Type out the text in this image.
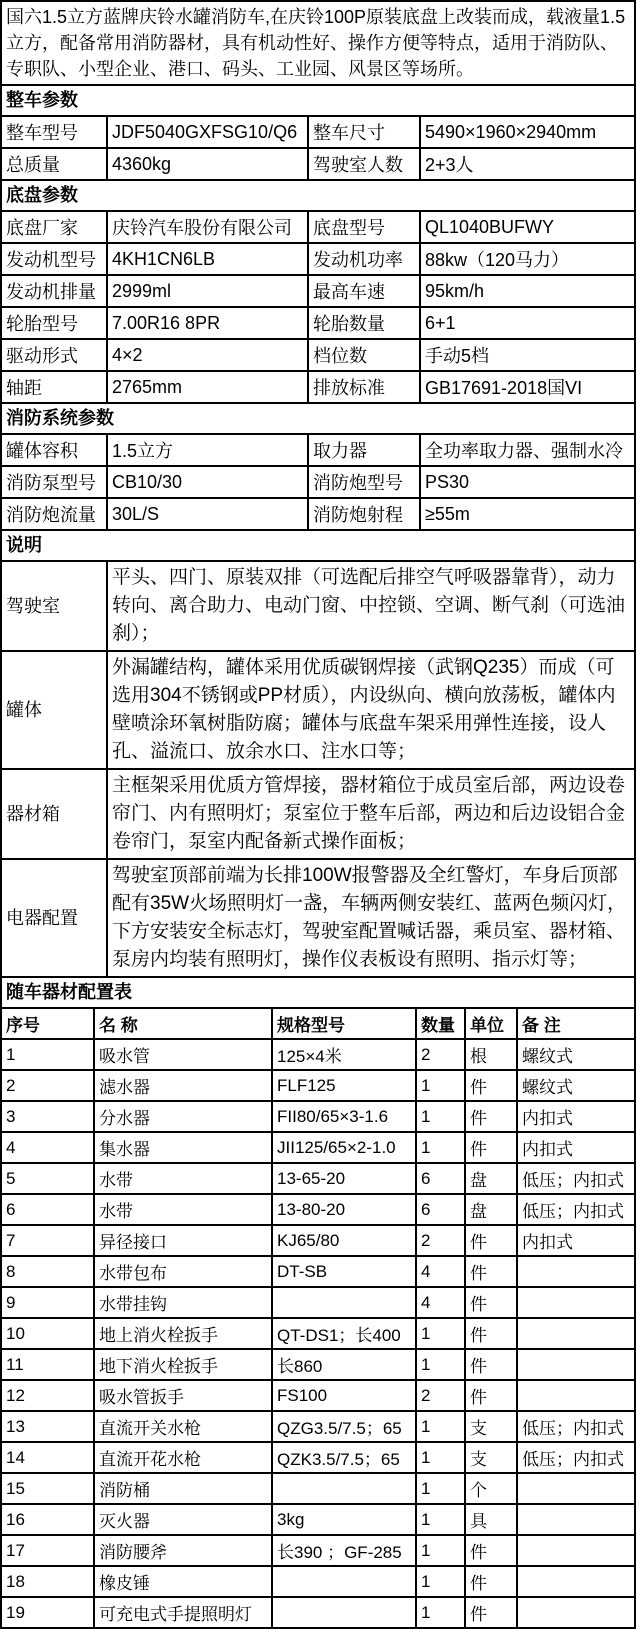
国六1.5立方蓝牌庆铃水罐消防车,在庆铃100P原装底盘上改装而成，载液量1.5立方，配备常用消防器材，具有机动性好、操作方便等特点，适用于消防队、专职队、小型企业、港口、码头、工业园、风景区等场所。
整车参数
整车型号	JDF5040GXFSG10/Q6	整车尺寸	5490×1960×2940mm
总质量	4360kg	驾驶室人数	2+3人
底盘参数
底盘厂家	庆铃汽车股份有限公司	底盘型号	QL1040BUFWY
发动机型号	4KH1CN6LB	发动机功率	88kw（120马力）
发动机排量	2999ml	最高车速	95km/h
轮胎型号	7.00R16 8PR	轮胎数量	6+1
驱动形式	4×2	档位数	手动5档
轴距	2765mm	排放标准	GB17691-2018国VI
消防系统参数
罐体容积	1.5立方	取力器	全功率取力器、强制水冷
消防泵型号	CB10/30	消防炮型号	PS30
消防炮流量	30L/S	消防炮射程	≥55m
说明
驾驶室	平头、四门、原装双排（可选配后排空气呼吸器靠背），动力转向、离合助力、电动门窗、中控锁、空调、断气刹（可选油刹）；
罐体	外漏罐结构，罐体采用优质碳钢焊接（武钢Q235）而成（可选用304不锈钢或PP材质），内设纵向、横向放荡板，罐体内壁喷涂环氧树脂防腐；罐体与底盘车架采用弹性连接，设人孔、溢流口、放余水口、注水口等；
器材箱	主框架采用优质方管焊接，器材箱位于成员室后部，两边设卷帘门、内有照明灯；泵室位于整车后部，两边和后边设铝合金卷帘门，泵室内配备新式操作面板；
电器配置	驾驶室顶部前端为长排100W报警器及全红警灯，车身后顶部配有35W火场照明灯一盏，车辆两侧安装红、蓝两色频闪灯，下方安装安全标志灯，驾驶室配置喊话器，乘员室、器材箱、泵房内均装有照明灯，操作仪表板设有照明、指示灯等；
随车器材配置表
序号	名 称	规格型号	数量	单位	备 注
1	吸水管	125×4米	2	根	螺纹式
2	滤水器	FLF125	1	件	螺纹式
3	分水器	FII80/65×3-1.6	1	件	内扣式
4	集水器	JII125/65×2-1.0	1	件	内扣式
5	水带	13-65-20	6	盘	低压；内扣式
6	水带	13-80-20	6	盘	低压；内扣式
7	异径接口	KJ65/80	2	件	内扣式
8	水带包布	DT-SB	4	件	
9	水带挂钩		4	件	
10	地上消火栓扳手	QT-DS1；长400	1	件	
11	地下消火栓扳手	长860	1	件	
12	吸水管扳手	FS100	2	件	
13	直流开关水枪	QZG3.5/7.5；65	1	支	低压；内扣式
14	直流开花水枪	QZK3.5/7.5；65	1	支	低压；内扣式
15	消防桶		1	个	
16	灭火器	3kg	1	具	
17	消防腰斧	长390 ；GF-285	1	件	
18	橡皮锤		1	件	
19	可充电式手提照明灯		1	件	
